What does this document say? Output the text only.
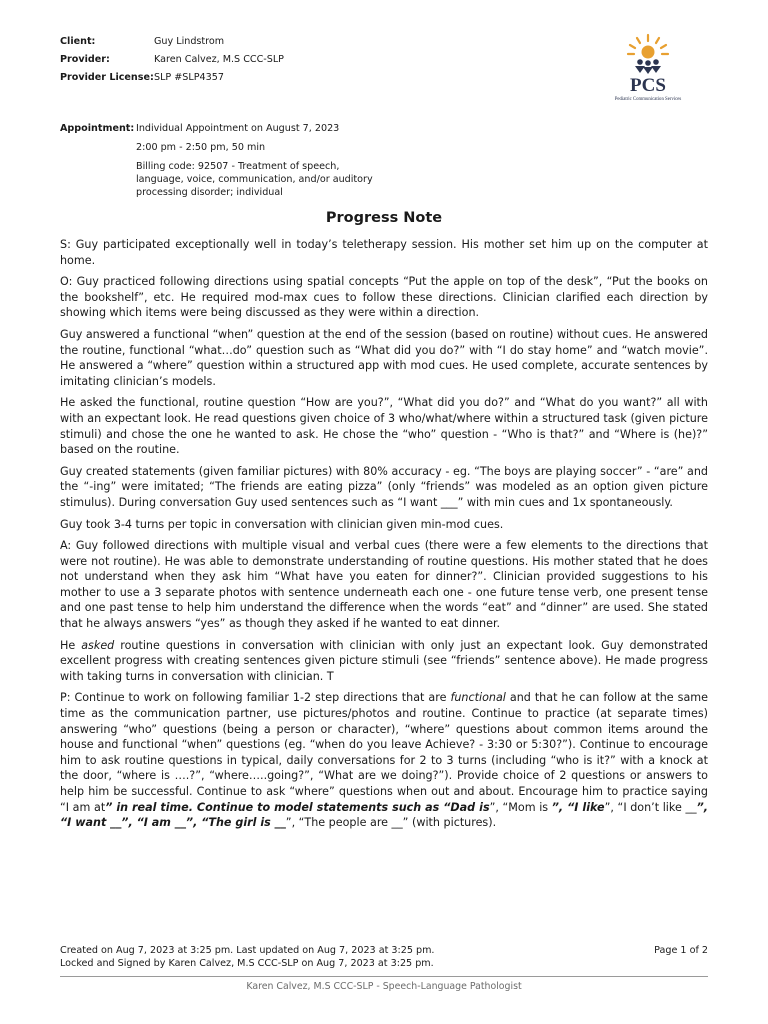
Client:	Guy Lindstrom
Provider:	Karen Calvez, M.S CCC-SLP
Provider License:	SLP #SLP4357	PCS
Pediatric Communication Services
Appointment: Individual Appointment on August 7, 2023
2:00 pm - 2:50 pm, 50 min
Billing code: 92507 - Treatment of speech, language, voice, communication, and/or auditory processing disorder; individual
Progress Note

S: Guy participated exceptionally well in today’s teletherapy session. His mother set him up on the computer at home.

O: Guy practiced following directions using spatial concepts “Put the apple on top of the desk”, “Put the books on the bookshelf”, etc. He required mod-max cues to follow these directions. Clinician clarified each direction by showing which items were being discussed as they were within a direction.

Guy answered a functional “when” question at the end of the session (based on routine) without cues. He answered the routine, functional “what…do” question such as “What did you do?” with “I do stay home” and “watch movie”. He answered a “where” question within a structured app with mod cues. He used complete, accurate sentences by imitating clinician’s models.

He asked the functional, routine question “How are you?”, “What did you do?” and “What do you want?” all with with an expectant look. He read questions given choice of 3 who/what/where within a structured task (given picture stimuli) and chose the one he wanted to ask. He chose the “who” question - “Who is that?” and “Where is (he)?” based on the routine.

Guy created statements (given familiar pictures) with 80% accuracy - eg. “The boys are playing soccer” - “are” and the “-ing” were imitated; “The friends are eating pizza” (only “friends” was modeled as an option given picture stimulus). During conversation Guy used sentences such as “I want ___” with min cues and 1x spontaneously.

Guy took 3-4 turns per topic in conversation with clinician given min-mod cues.

A: Guy followed directions with multiple visual and verbal cues (there were a few elements to the directions that were not routine). He was able to demonstrate understanding of routine questions. His mother stated that he does not understand when they ask him “What have you eaten for dinner?”. Clinician provided suggestions to his mother to use a 3 separate photos with sentence underneath each one - one future tense verb, one present tense and one past tense to help him understand the difference when the words “eat” and “dinner” are used. She stated that he always answers “yes” as though they asked if he wanted to eat dinner.

He asked routine questions in conversation with clinician with only just an expectant look. Guy demonstrated excellent progress with creating sentences given picture stimuli (see “friends” sentence above). He made progress with taking turns in conversation with clinician. T

P: Continue to work on following familiar 1-2 step directions that are functional and that he can follow at the same time as the communication partner, use pictures/photos and routine. Continue to practice (at separate times) answering “who” questions (being a person or character), “where” questions about common items around the house and functional “when” questions (eg. “when do you leave Achieve? - 3:30 or 5:30?”). Continue to encourage him to ask routine questions in typical, daily conversations for 2 to 3 turns (including “who is it?” with a knock at the door, “where is ….?”, “where…..going?”, “What are we doing?”). Provide choice of 2 questions or answers to help him be successful. Continue to ask “where” questions when out and about. Encourage him to practice saying “I am at” in real time. Continue to model statements such as “Dad is”, “Mom is ”, “I like”, “I don’t like __”, “I want __”, “I am __”, “The girl is __”, “The people are __” (with pictures).

Created on Aug 7, 2023 at 3:25 pm. Last updated on Aug 7, 2023 at 3:25 pm.
Locked and Signed by Karen Calvez, M.S CCC-SLP on Aug 7, 2023 at 3:25 pm.
Page 1 of 2
Karen Calvez, M.S CCC-SLP - Speech-Language Pathologist
